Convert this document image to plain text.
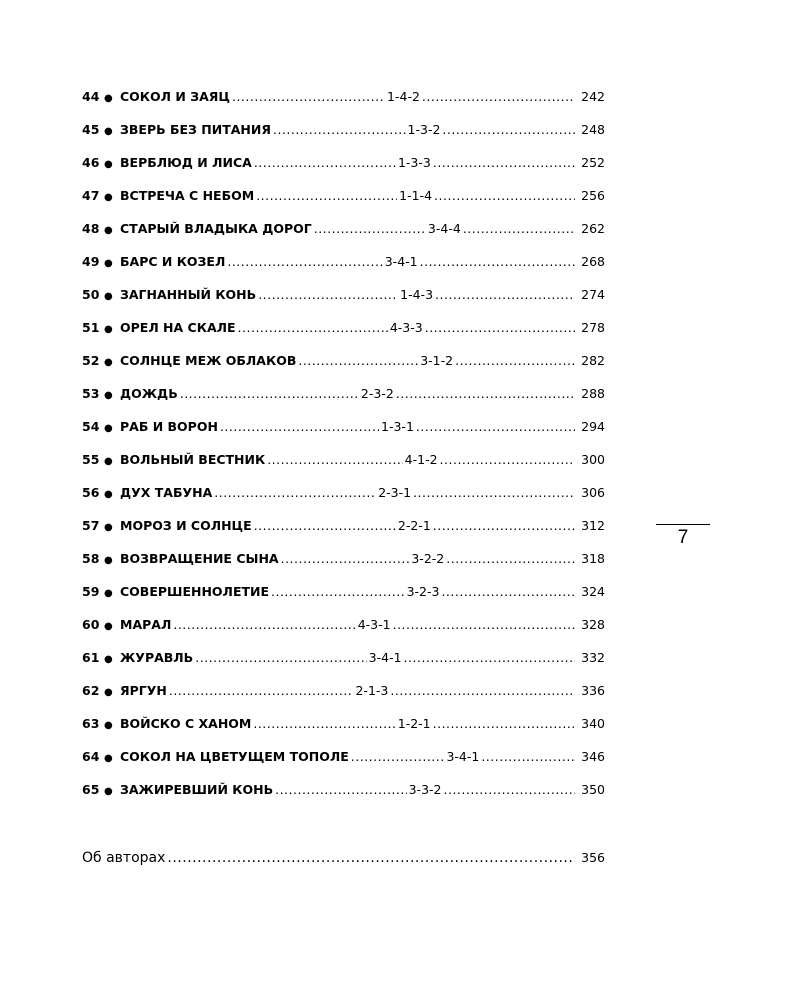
44 ● СОКОЛ И ЗАЯЦ .....	1-4-2 .....	242
45 ● ЗВЕРЬ БЕЗ ПИТАНИЯ .....	1-3-2 .....	248
46 ● ВЕРБЛЮД И ЛИСА .....	1-3-3 .....	252
47 ● ВСТРЕЧА С НЕБОМ .....	1-1-4 .....	256
48 ● СТАРЫЙ ВЛАДЫКА ДОРОГ .....	3-4-4 .....	262
49 ● БАРС И КОЗЕЛ .....	3-4-1 .....	268
50 ● ЗАГНАННЫЙ КОНЬ .....	1-4-3 .....	274
51 ● ОРЕЛ НА СКАЛЕ .....	4-3-3 .....	278
52 ● СОЛНЦЕ МЕЖ ОБЛАКОВ .....	3-1-2 .....	282
53 ● ДОЖДЬ .....	2-3-2 .....	288
54 ● РАБ И ВОРОН .....	1-3-1 .....	294
55 ● ВОЛЬНЫЙ ВЕСТНИК .....	4-1-2 .....	300
56 ● ДУХ ТАБУНА .....	2-3-1 .....	306
57 ● МОРОЗ И СОЛНЦЕ .....	2-2-1 .....	312
58 ● ВОЗВРАЩЕНИЕ СЫНА .....	3-2-2 .....	318
59 ● СОВЕРШЕННОЛЕТИЕ .....	3-2-3 .....	324
60 ● МАРАЛ .....	4-3-1 .....	328
61 ● ЖУРАВЛЬ .....	3-4-1 .....	332
62 ● ЯРГУН .....	2-1-3 .....	336
63 ● ВОЙСКО С ХАНОМ .....	1-2-1 .....	340
64 ● СОКОЛ НА ЦВЕТУЩЕМ ТОПОЛЕ .....	3-4-1 .....	346
65 ● ЗАЖИРЕВШИЙ КОНЬ .....	3-3-2 .....	350
Об авторах .....	356
7
